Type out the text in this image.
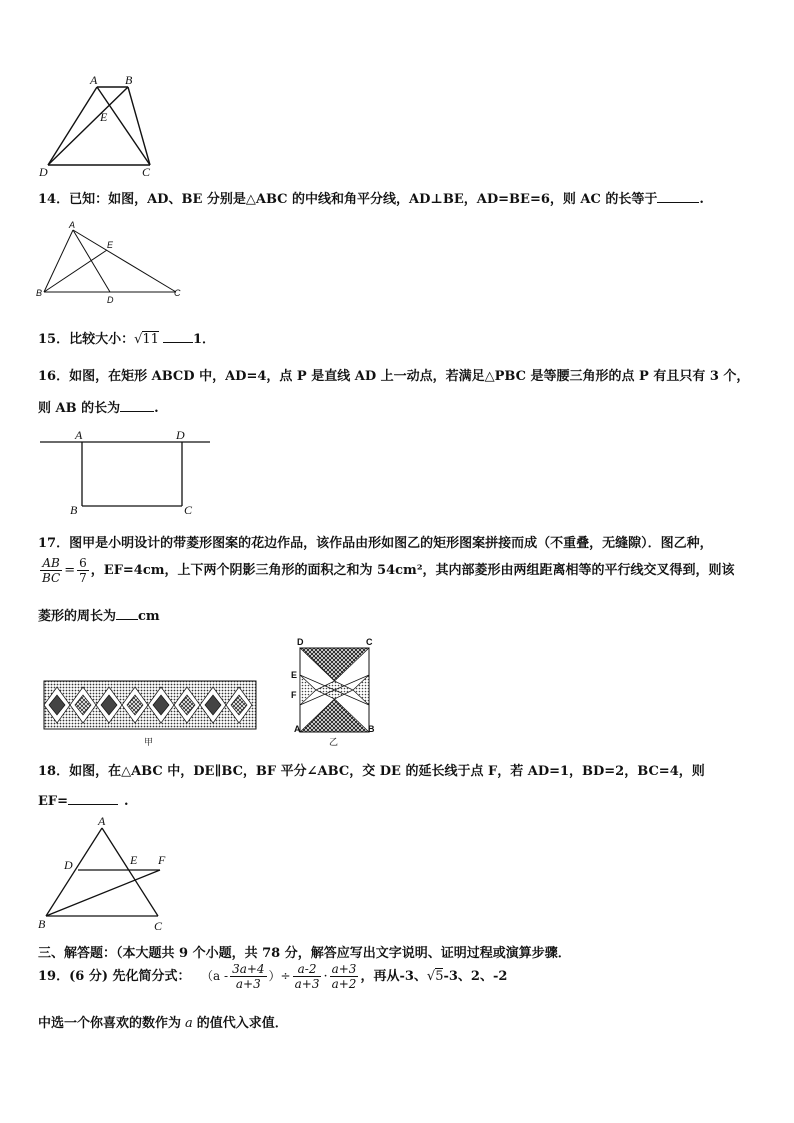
A B
E
D	C
14．已知：如图，AD、BE 分别是△ABC 的中线和角平分线，AD⊥BE，AD=BE=6，则 AC 的长等于	.
A
E
B
D
C
15．比较大小：√11	1．
16．如图，在矩形 ABCD 中，AD=4，点 P 是直线 AD 上一动点，若满足△PBC 是等腰三角形的点 P 有且只有 3 个，
则 AB 的长为	.
A	D
B	C
17．图甲是小明设计的带菱形图案的花边作品，该作品由形如图乙的矩形图案拼接而成（不重叠，无缝隙）．图乙种，
$\frac{AB}{BC} = \frac{6}{7}$ ，EF=4cm，上下两个阴影三角形的面积之和为 54cm²，其内部菱形由两组距离相等的平行线交叉得到，则该
菱形的周长为 cm
甲
D	C
E
F
A	B
乙
18．如图，在△ABC 中，DE∥BC，BF 平分∠ABC，交 DE 的延长线于点 F，若 AD=1，BD=2，BC=4，则
EF=	.
A
D	E F
B	C
三、解答题：（本大题共 9 个小题，共 78 分，解答应写出文字说明、证明过程或演算步骤．
19．(6 分) 先化简分式： （$a - \frac{3a+4}{a+3}$ ）÷ $\frac{a-2}{a+3} \cdot \frac{a+3}{a+2}$ ，再从-3、√5-3、2、-2
中选一个你喜欢的数作为 a 的值代入求值．
